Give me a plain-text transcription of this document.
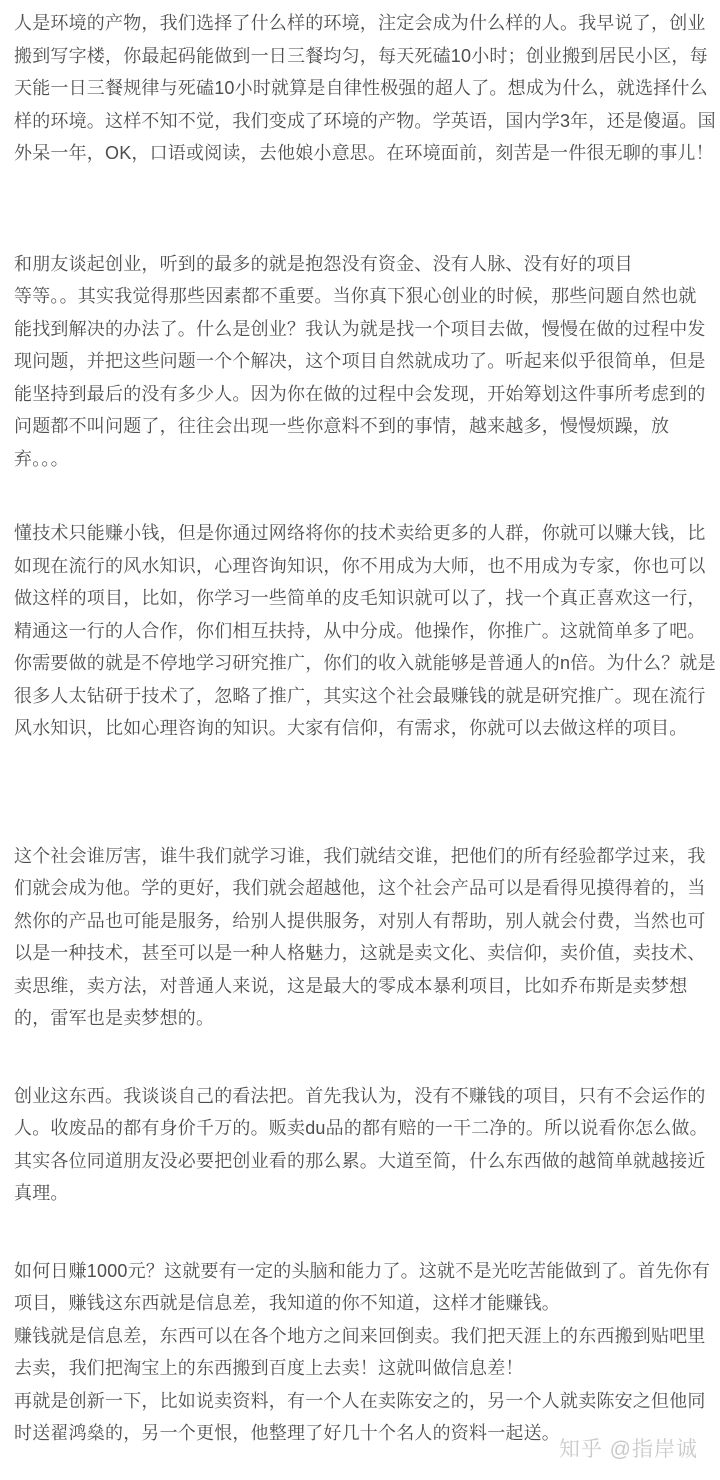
人是环境的产物，我们选择了什么样的环境，注定会成为什么样的人。我早说了，创业
搬到写字楼，你最起码能做到一日三餐均匀，每天死磕10小时；创业搬到居民小区，每
天能一日三餐规律与死磕10小时就算是自律性极强的超人了。想成为什么，就选择什么
样的环境。这样不知不觉，我们变成了环境的产物。学英语，国内学3年，还是傻逼。国
外呆一年，OK，口语或阅读，去他娘小意思。在环境面前，刻苦是一件很无聊的事儿！
和朋友谈起创业，听到的最多的就是抱怨没有资金、没有人脉、没有好的项目
等等。。其实我觉得那些因素都不重要。当你真下狠心创业的时候，那些问题自然也就
能找到解决的办法了。什么是创业？我认为就是找一个项目去做，慢慢在做的过程中发
现问题，并把这些问题一个个解决，这个项目自然就成功了。听起来似乎很简单，但是
能坚持到最后的没有多少人。因为你在做的过程中会发现，开始筹划这件事所考虑到的
问题都不叫问题了，往往会出现一些你意料不到的事情，越来越多，慢慢烦躁，放
弃。。。
懂技术只能赚小钱，但是你通过网络将你的技术卖给更多的人群，你就可以赚大钱，比
如现在流行的风水知识，心理咨询知识，你不用成为大师，也不用成为专家，你也可以
做这样的项目，比如，你学习一些简单的皮毛知识就可以了，找一个真正喜欢这一行，
精通这一行的人合作，你们相互扶持，从中分成。他操作，你推广。这就简单多了吧。
你需要做的就是不停地学习研究推广，你们的收入就能够是普通人的n倍。为什么？就是
很多人太钻研于技术了，忽略了推广，其实这个社会最赚钱的就是研究推广。现在流行
风水知识，比如心理咨询的知识。大家有信仰，有需求，你就可以去做这样的项目。
这个社会谁厉害，谁牛我们就学习谁，我们就结交谁，把他们的所有经验都学过来，我
们就会成为他。学的更好，我们就会超越他，这个社会产品可以是看得见摸得着的，当
然你的产品也可能是服务，给别人提供服务，对别人有帮助，别人就会付费，当然也可
以是一种技术，甚至可以是一种人格魅力，这就是卖文化、卖信仰，卖价值，卖技术、
卖思维，卖方法，对普通人来说，这是最大的零成本暴利项目，比如乔布斯是卖梦想
的，雷军也是卖梦想的。
创业这东西。我谈谈自己的看法把。首先我认为，没有不赚钱的项目，只有不会运作的
人。收废品的都有身价千万的。贩卖du品的都有赔的一干二净的。所以说看你怎么做。
其实各位同道朋友没必要把创业看的那么累。大道至简，什么东西做的越简单就越接近
真理。
如何日赚1000元？这就要有一定的头脑和能力了。这就不是光吃苦能做到了。首先你有
项目，赚钱这东西就是信息差，我知道的你不知道，这样才能赚钱。
赚钱就是信息差，东西可以在各个地方之间来回倒卖。我们把天涯上的东西搬到贴吧里
去卖，我们把淘宝上的东西搬到百度上去卖！这就叫做信息差！
再就是创新一下，比如说卖资料，有一个人在卖陈安之的，另一个人就卖陈安之但他同
时送翟鸿燊的，另一个更恨，他整理了好几十个名人的资料一起送。
知乎 @指岸诚
